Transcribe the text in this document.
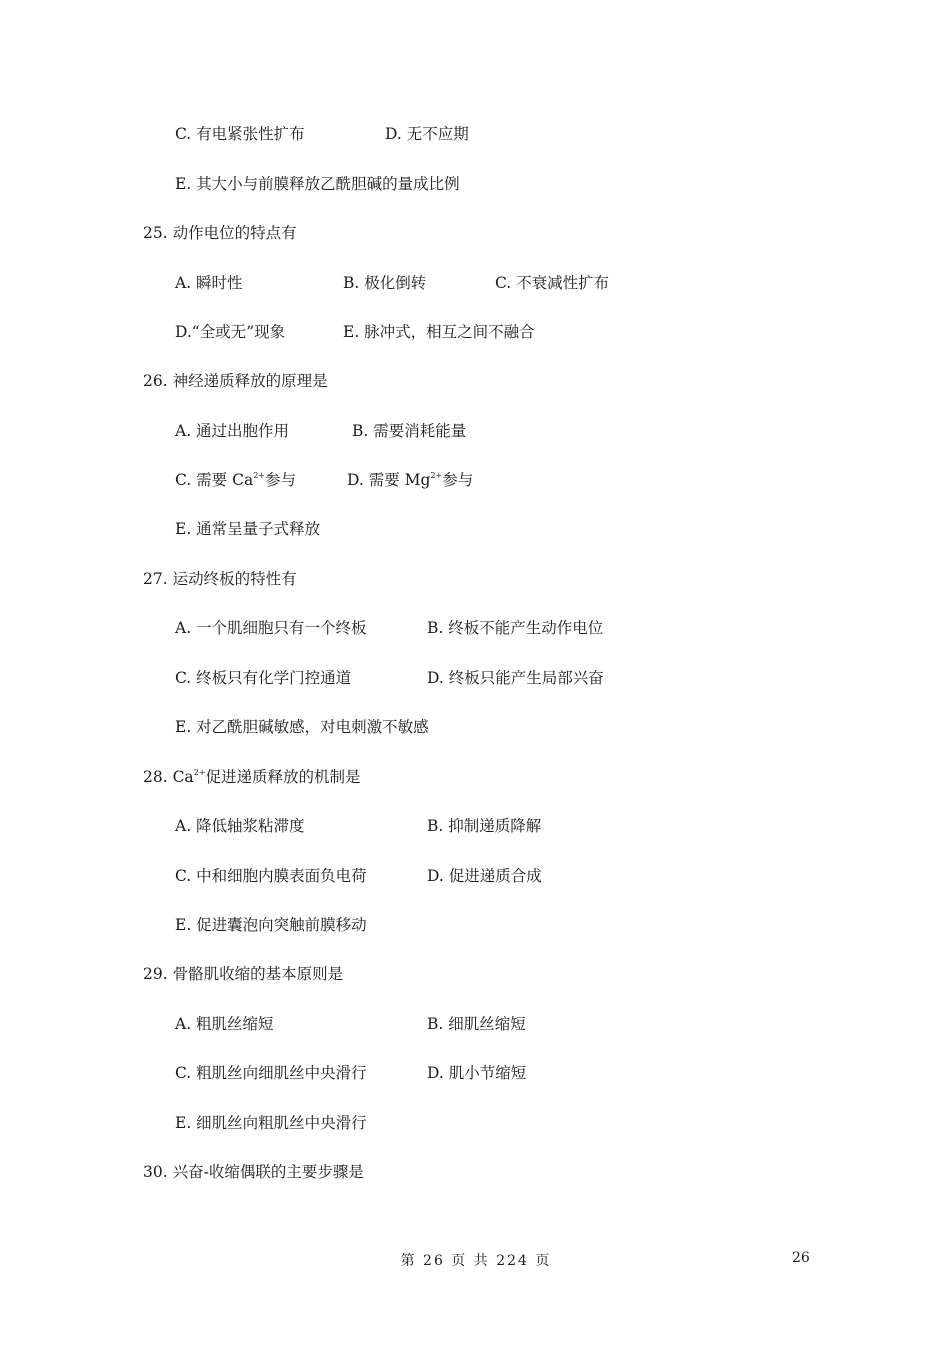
C. 有电紧张性扩布	D. 无不应期
E. 其大小与前膜释放乙酰胆碱的量成比例
25. 动作电位的特点有
A. 瞬时性	B. 极化倒转	C. 不衰减性扩布
D.“全或无”现象	E. 脉冲式，相互之间不融合
26. 神经递质释放的原理是
A. 通过出胞作用	B. 需要消耗能量
C. 需要 $Ca^{2+}$参与	D. 需要 $Mg^{2+}$参与
E. 通常呈量子式释放
27. 运动终板的特性有
A. 一个肌细胞只有一个终板	B. 终板不能产生动作电位
C. 终板只有化学门控通道	D. 终板只能产生局部兴奋
E. 对乙酰胆碱敏感，对电刺激不敏感
28. $Ca^{2+}$促进递质释放的机制是
A. 降低轴浆粘滞度	B. 抑制递质降解
C. 中和细胞内膜表面负电荷	D. 促进递质合成
E. 促进囊泡向突触前膜移动
29. 骨骼肌收缩的基本原则是
A. 粗肌丝缩短	B. 细肌丝缩短
C. 粗肌丝向细肌丝中央滑行	D. 肌小节缩短
E. 细肌丝向粗肌丝中央滑行
30. 兴奋-收缩偶联的主要步骤是
第 26 页 共 224 页	26
